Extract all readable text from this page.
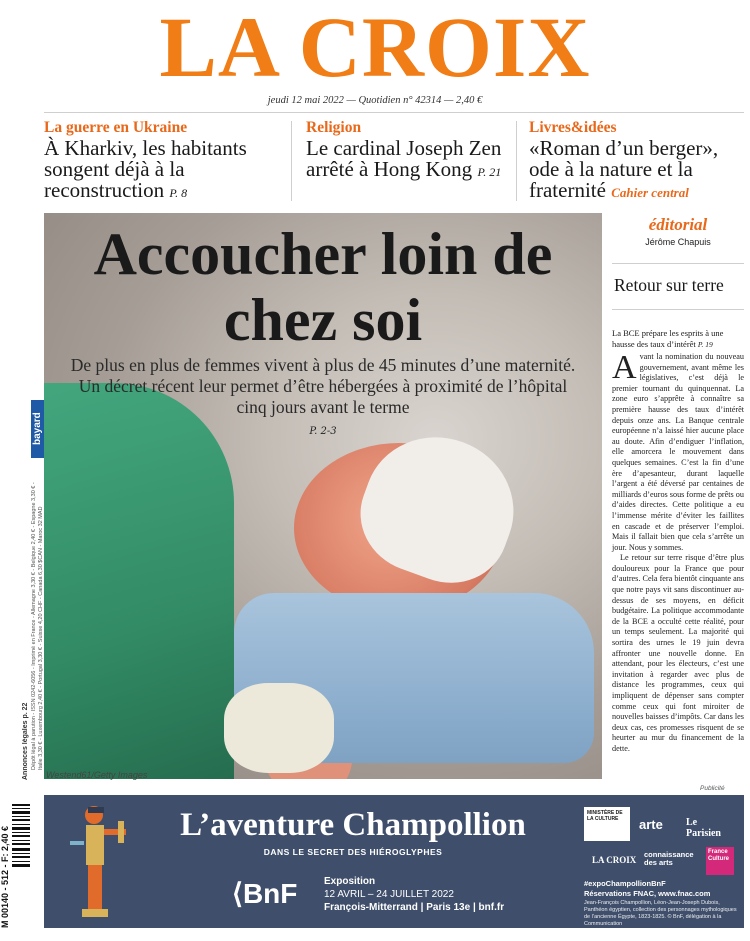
LA CROIX
jeudi 12 mai 2022 — Quotidien n° 42314 — 2,40 €
La guerre en Ukraine
À Kharkiv, les habitants songent déjà à la reconstruction P. 8
Religion
Le cardinal Joseph Zen arrêté à Hong Kong P. 21
Livres&idées
«Roman d’un berger», ode à la nature et la fraternité Cahier central
bayard
Dépôt légal à parution - ISSN 0242-6056 - Imprimé en France - Allemagne 3,30 € - Belgique 2,40 € - Espagne 3,30 € - Italie 3,30 € - Luxembourg 2,40 € - Portugal 3,30 € - Suisse 4,20 CHF - Canada 6,30 $CAN - Maroc 32 MAD
Annonces légales p. 22
Accoucher loin de chez soi
De plus en plus de femmes vivent à plus de 45 minutes d’une maternité. Un décret récent leur permet d’être hébergées à proximité de l’hôpital cinq jours avant le terme
P. 2-3
Westend61/Getty Images
éditorial
Jérôme Chapuis
Retour sur terre
La BCE prépare les esprits à une hausse des taux d’intérêt P. 19

Avant la nomination du nouveau gouvernement, avant même les législatives, c’est déjà le premier tournant du quinquennat. La zone euro s’apprête à connaître sa première hausse des taux d’intérêt depuis onze ans. La Banque centrale européenne n’a laissé hier aucune place au doute. Afin d’endiguer l’inflation, elle amorcera le mouvement dans quelques semaines. C’est la fin d’une ère d’apesanteur, durant laquelle l’argent a été déversé par centaines de milliards d’euros sous forme de prêts ou d’aides directes. Cette politique a eu l’immense mérite d’éviter les faillites en cascade et de préserver l’emploi. Mais il fallait bien que cela s’arrête un jour. Nous y sommes.

Le retour sur terre risque d’être plus douloureux pour la France que pour d’autres. Cela fera bientôt cinquante ans que notre pays vit sans discontinuer au-dessus de ses moyens, en déficit budgétaire. La politique accommodante de la BCE a occulté cette réalité, pour un temps seulement. La majorité qui sortira des urnes le 19 juin devra affronter une nouvelle donne. En attendant, pour les électeurs, c’est une invitation à regarder avec plus de distance les programmes, ceux qui impliquent de dépenser sans compter comme ceux qui font miroiter de nouvelles baisses d’impôts. Car dans les deux cas, ces promesses risquent de se heurter au mur du financement de la dette.

Publicité
L’aventure Champollion
DANS LE SECRET DES HIÉROGLYPHES
⟨BnF	Exposition
12 AVRIL – 24 JUILLET 2022
François-Mitterrand | Paris 13e | bnf.fr
MINISTÈRE DE LA CULTURE	arte Le Parisien
LA CROIX
connaissance des arts
France Culture
#expoChampollionBnF
Réservations FNAC, www.fnac.com
Jean-François Champollion, Léon-Jean-Joseph Dubois, Panthéon égyptien, collection des personnages mythologiques de l’ancienne Égypte, 1823-1825. © BnF, délégation à la Communication
M 00140 - 512 - F: 2,40 €
